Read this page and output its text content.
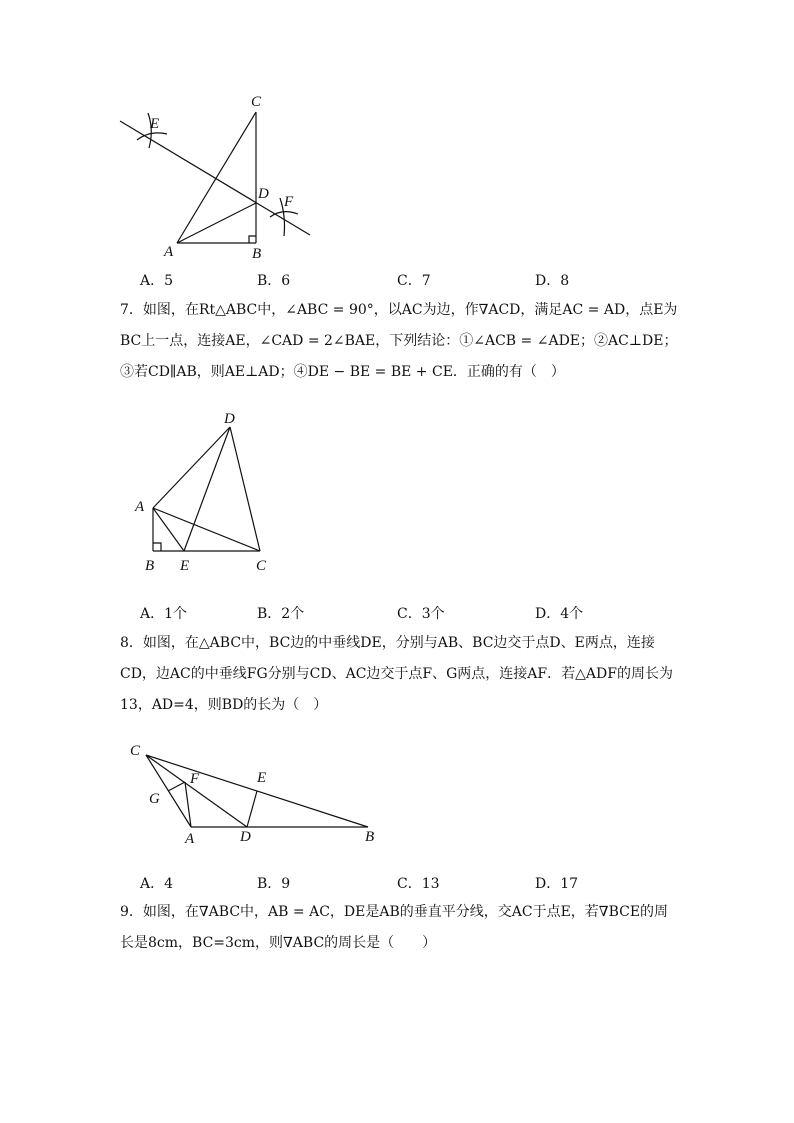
C
E
D F
A	B
A．5	B．6	C．7	D．8

7．如图，在Rt△ABC中，∠ABC = 90°，以AC为边，作∇ACD，满足AC = AD，点E为BC上一点，连接AE，∠CAD = 2∠BAE，下列结论：①∠ACB = ∠ADE；②AC⊥DE；③若CD∥AB，则AE⊥AD；④DE − BE = BE + CE．正确的有（　）

D
A
B E	C
A．1个	B．2个	C．3个	D．4个

8．如图，在△ABC中，BC边的中垂线DE，分别与AB、BC边交于点D、E两点，连接CD，边AC的中垂线FG分别与CD、AC边交于点F、G两点，连接AF．若△ADF的周长为13，AD=4，则BD的长为（　）

C
F	E
G
A	D	B
A．4	B．9	C．13	D．17

9．如图，在∇ABC中，AB = AC，DE是AB的垂直平分线，交AC于点E，若∇BCE的周长是8cm，BC=3cm，则∇ABC的周长是（　　）
